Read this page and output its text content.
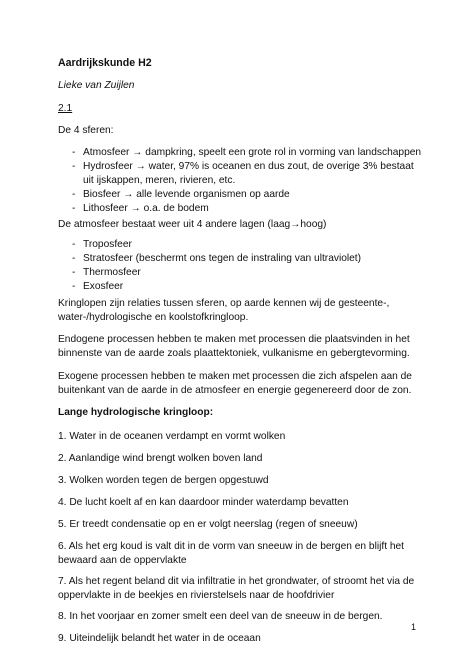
Aardrijkskunde H2
Lieke van Zuijlen
2.1
De 4 sferen:
- Atmosfeer → dampkring, speelt een grote rol in vorming van landschappen
- Hydrosfeer → water, 97% is oceanen en dus zout, de overige 3% bestaat uit ijskappen, meren, rivieren, etc.
- Biosfeer → alle levende organismen op aarde
- Lithosfeer → o.a. de bodem
De atmosfeer bestaat weer uit 4 andere lagen (laag→hoog)
- Troposfeer
- Stratosfeer (beschermt ons tegen de instraling van ultraviolet)
- Thermosfeer
- Exosfeer

Kringlopen zijn relaties tussen sferen, op aarde kennen wij de gesteente-, water-/hydrologische en koolstofkringloop.

Endogene processen hebben te maken met processen die plaatsvinden in het binnenste van de aarde zoals plaattektoniek, vulkanisme en gebergtevorming.

Exogene processen hebben te maken met processen die zich afspelen aan de buitenkant van de aarde in de atmosfeer en energie gegenereerd door de zon.

Lange hydrologische kringloop:
1. Water in de oceanen verdampt en vormt wolken
2. Aanlandige wind brengt wolken boven land
3. Wolken worden tegen de bergen opgestuwd
4. De lucht koelt af en kan daardoor minder waterdamp bevatten
5. Er treedt condensatie op en er volgt neerslag (regen of sneeuw)
6. Als het erg koud is valt dit in de vorm van sneeuw in de bergen en blijft het bewaard aan de oppervlakte
7. Als het regent beland dit via infiltratie in het grondwater, of stroomt het via de oppervlakte in de beekjes en rivierstelsels naar de hoofdrivier
8. In het voorjaar en zomer smelt een deel van de sneeuw in de bergen.
9. Uiteindelijk belandt het water in de oceaan
1
